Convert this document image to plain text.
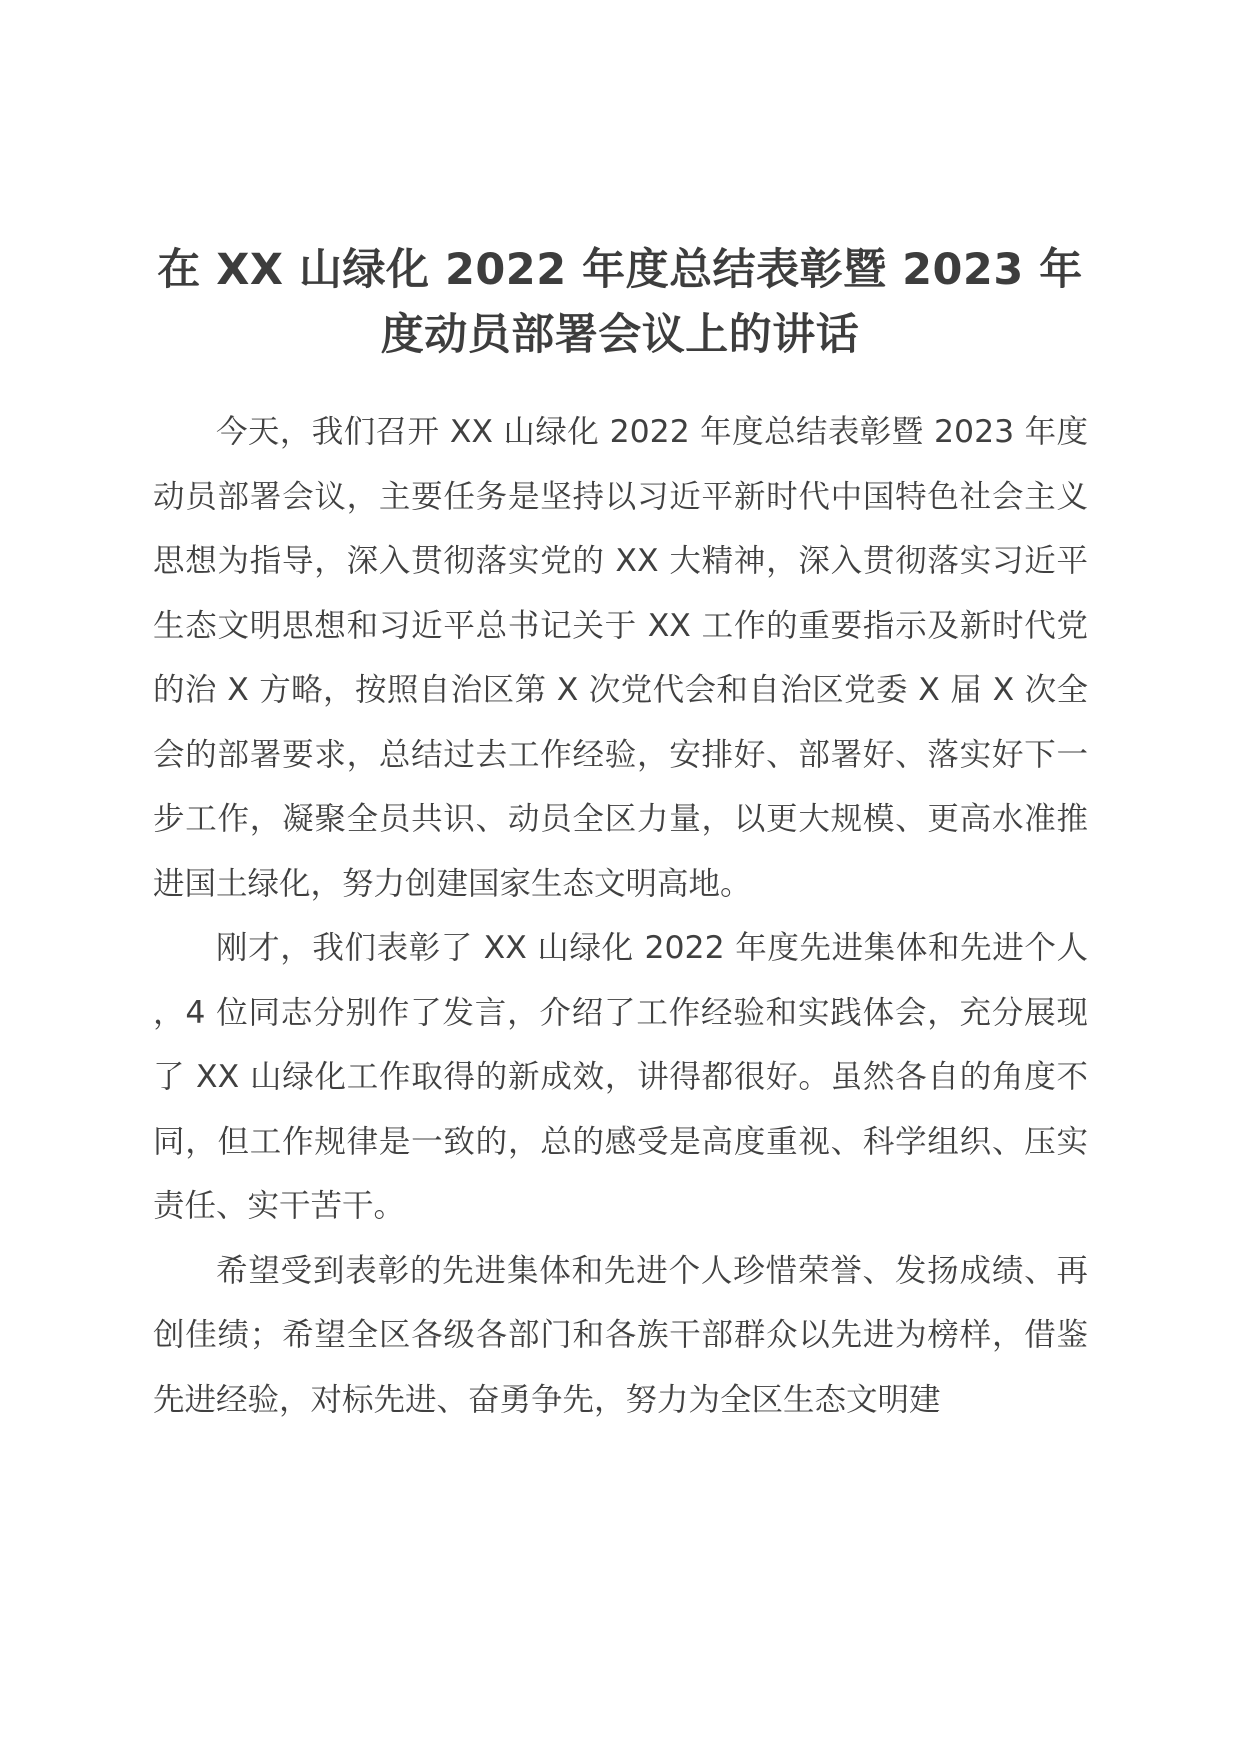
在 XX 山绿化 2022 年度总结表彰暨 2023 年度动员部署会议上的讲话

今天，我们召开 XX 山绿化 2022 年度总结表彰暨 2023 年度动员部署会议，主要任务是坚持以习近平新时代中国特色社会主义思想为指导，深入贯彻落实党的 XX 大精神，深入贯彻落实习近平生态文明思想和习近平总书记关于 XX 工作的重要指示及新时代党的治 X 方略，按照自治区第 X 次党代会和自治区党委 X 届 X 次全会的部署要求，总结过去工作经验，安排好、部署好、落实好下一步工作，凝聚全员共识、动员全区力量，以更大规模、更高水准推进国土绿化，努力创建国家生态文明高地。

刚才，我们表彰了 XX 山绿化 2022 年度先进集体和先进个人，4 位同志分别作了发言，介绍了工作经验和实践体会，充分展现了 XX 山绿化工作取得的新成效，讲得都很好。虽然各自的角度不同，但工作规律是一致的，总的感受是高度重视、科学组织、压实责任、实干苦干。

希望受到表彰的先进集体和先进个人珍惜荣誉、发扬成绩、再创佳绩；希望全区各级各部门和各族干部群众以先进为榜样，借鉴先进经验，对标先进、奋勇争先，努力为全区生态文明建
